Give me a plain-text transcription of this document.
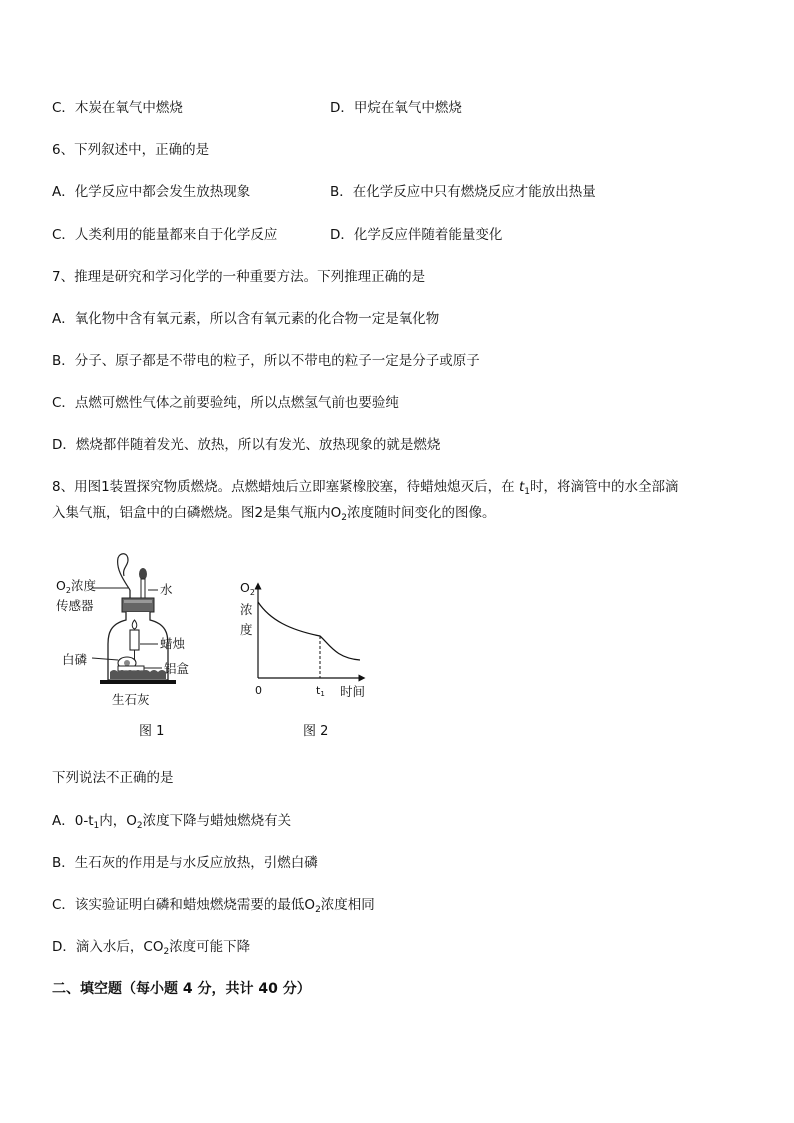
C．木炭在氧气中燃烧	D．甲烷在氧气中燃烧
6、下列叙述中，正确的是
A．化学反应中都会发生放热现象	B．在化学反应中只有燃烧反应才能放出热量
C．人类利用的能量都来自于化学反应	D．化学反应伴随着能量变化
7、推理是研究和学习化学的一种重要方法。下列推理正确的是
A．氧化物中含有氧元素，所以含有氧元素的化合物一定是氧化物
B．分子、原子都是不带电的粒子，所以不带电的粒子一定是分子或原子
C．点燃可燃性气体之前要验纯，所以点燃氢气前也要验纯
D．燃烧都伴随着发光、放热，所以有发光、放热现象的就是燃烧
8、用图1装置探究物质燃烧。点燃蜡烛后立即塞紧橡胶塞，待蜡烛熄灭后，在 $t_1$时，将滴管中的水全部滴
入集气瓶，铝盒中的白磷燃烧。图2是集气瓶内$O_2$浓度随时间变化的图像。
$O_2$浓度
传感器
水
蜡烛
白磷
铝盒
生石灰
图 1
$O_2$
浓
度
0	t1 时间
图 2
下列说法不正确的是
A．$0-t_1$内，$O_2$浓度下降与蜡烛燃烧有关
B．生石灰的作用是与水反应放热，引燃白磷
C．该实验证明白磷和蜡烛燃烧需要的最低$O_2$浓度相同
D．滴入水后，$CO_2$浓度可能下降
二、填空题（每小题 4 分，共计 40 分）
